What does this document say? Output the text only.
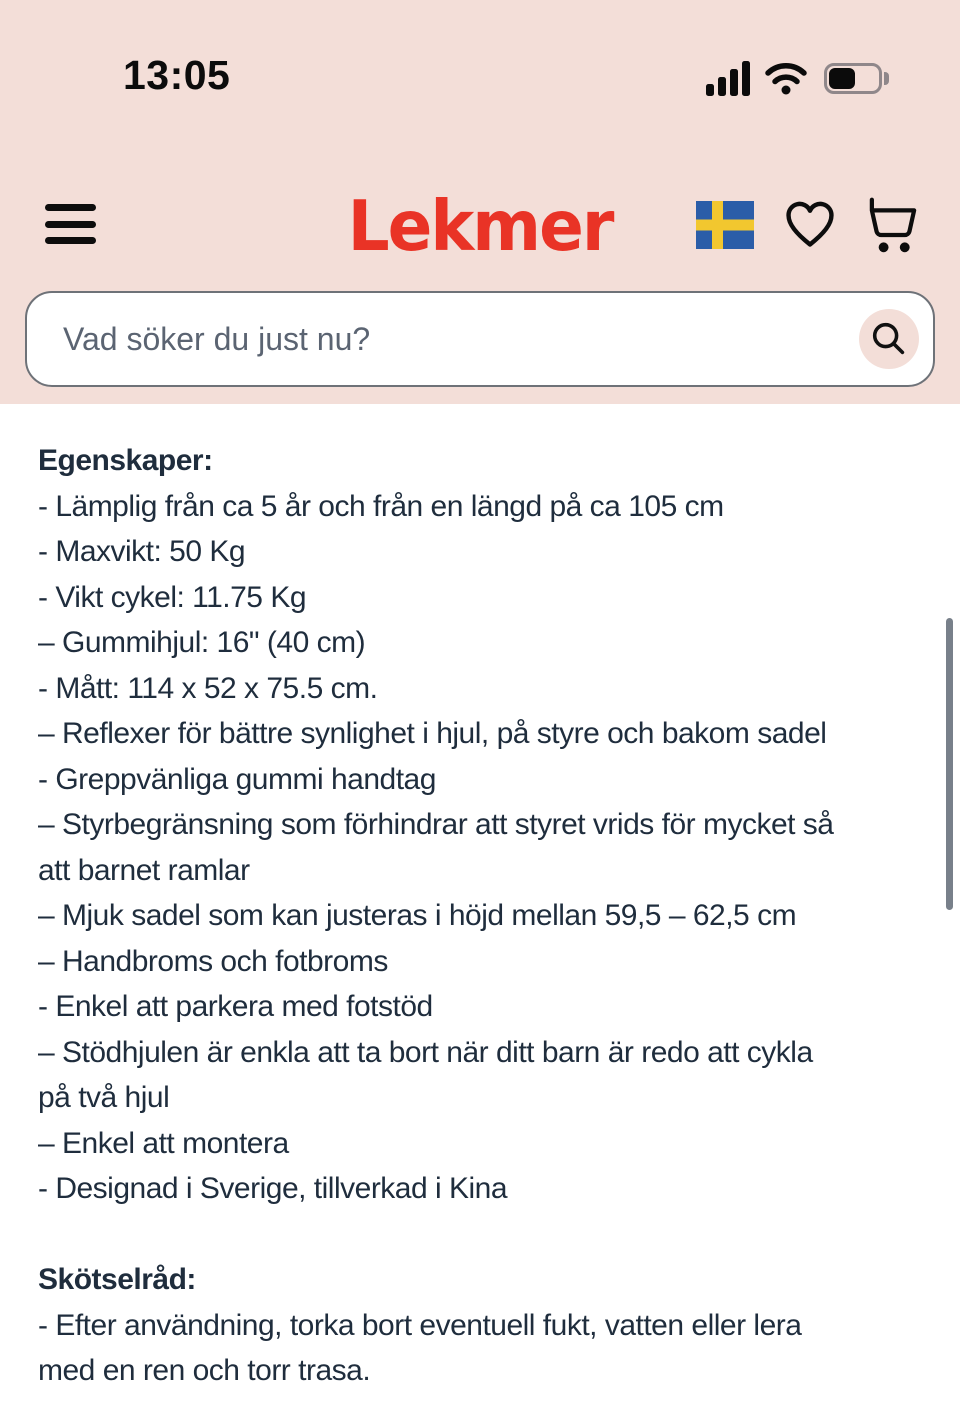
13:05
Lekmer
Vad söker du just nu?
Egenskaper:
- Lämplig från ca 5 år och från en längd på ca 105 cm
- Maxvikt: 50 Kg
- Vikt cykel: 11.75 Kg
– Gummihjul: 16" (40 cm)
- Mått: 114 x 52 x 75.5 cm.
– Reflexer för bättre synlighet i hjul, på styre och bakom sadel
- Greppvänliga gummi handtag
– Styrbegränsning som förhindrar att styret vrids för mycket så
att barnet ramlar
– Mjuk sadel som kan justeras i höjd mellan 59,5 – 62,5 cm
– Handbroms och fotbroms
- Enkel att parkera med fotstöd
– Stödhjulen är enkla att ta bort när ditt barn är redo att cykla
på två hjul
– Enkel att montera
- Designad i Sverige, tillverkad i Kina
Skötselråd:
- Efter användning, torka bort eventuell fukt, vatten eller lera
med en ren och torr trasa.
